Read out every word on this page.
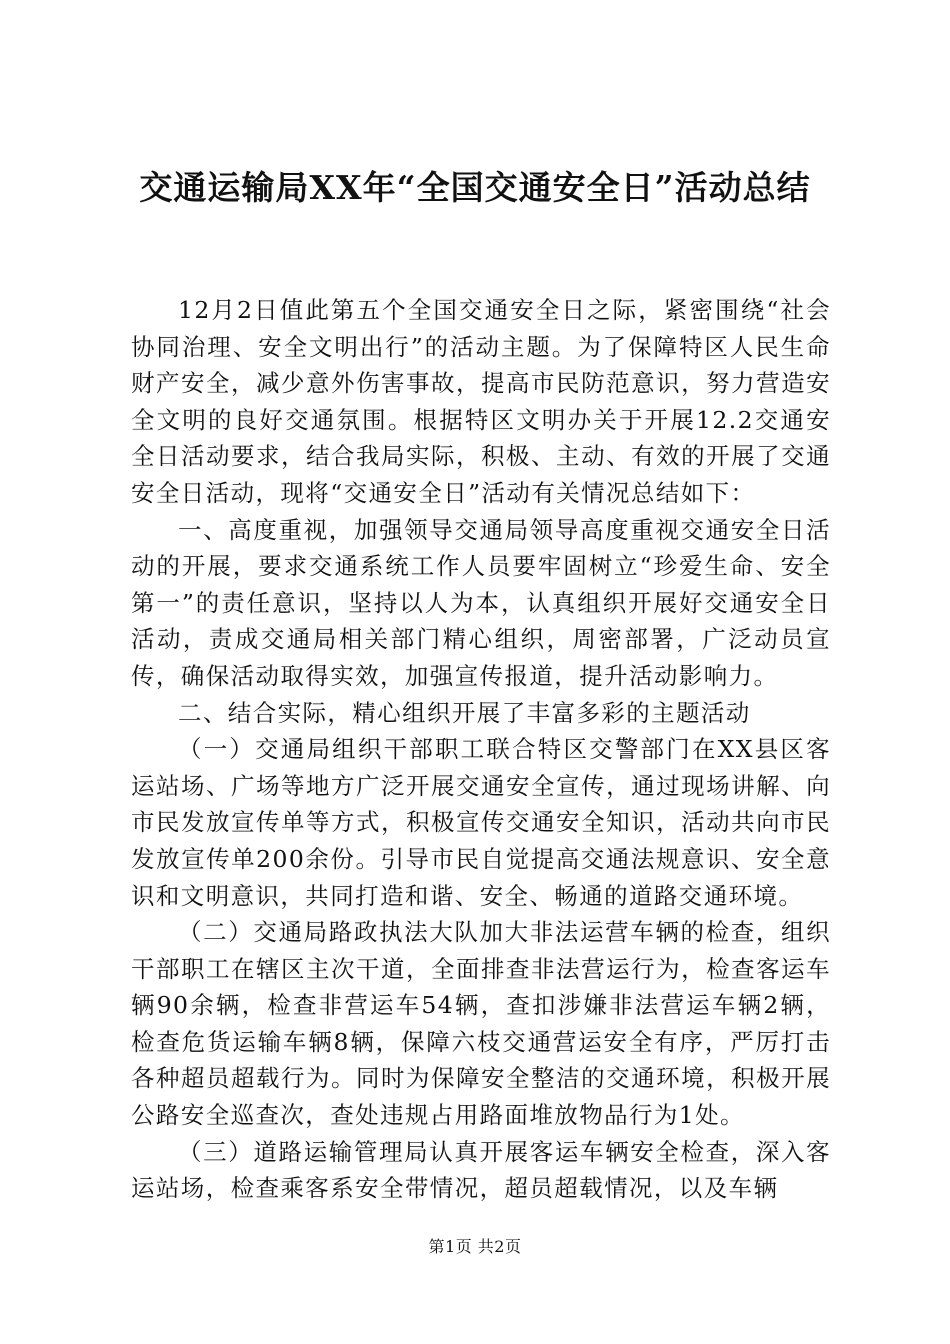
交通运输局XX年“全国交通安全日”活动总结

12月2日值此第五个全国交通安全日之际，紧密围绕“社会协同治理、安全文明出行”的活动主题。为了保障特区人民生命财产安全，减少意外伤害事故，提高市民防范意识，努力营造安全文明的良好交通氛围。根据特区文明办关于开展12.2交通安全日活动要求，结合我局实际，积极、主动、有效的开展了交通安全日活动，现将“交通安全日”活动有关情况总结如下：

一、高度重视，加强领导交通局领导高度重视交通安全日活动的开展，要求交通系统工作人员要牢固树立“珍爱生命、安全第一”的责任意识，坚持以人为本，认真组织开展好交通安全日活动，责成交通局相关部门精心组织，周密部署，广泛动员宣传，确保活动取得实效，加强宣传报道，提升活动影响力。

二、结合实际，精心组织开展了丰富多彩的主题活动

（一）交通局组织干部职工联合特区交警部门在XX县区客运站场、广场等地方广泛开展交通安全宣传，通过现场讲解、向市民发放宣传单等方式，积极宣传交通安全知识，活动共向市民发放宣传单200余份。引导市民自觉提高交通法规意识、安全意识和文明意识，共同打造和谐、安全、畅通的道路交通环境。

（二）交通局路政执法大队加大非法运营车辆的检查，组织干部职工在辖区主次干道，全面排查非法营运行为，检查客运车辆90余辆，检查非营运车54辆，查扣涉嫌非法营运车辆2辆，检查危货运输车辆8辆，保障六枝交通营运安全有序，严厉打击各种超员超载行为。同时为保障安全整洁的交通环境，积极开展公路安全巡查次，查处违规占用路面堆放物品行为1处。

（三）道路运输管理局认真开展客运车辆安全检查，深入客运站场，检查乘客系安全带情况，超员超载情况，以及车辆

第1页 共2页
